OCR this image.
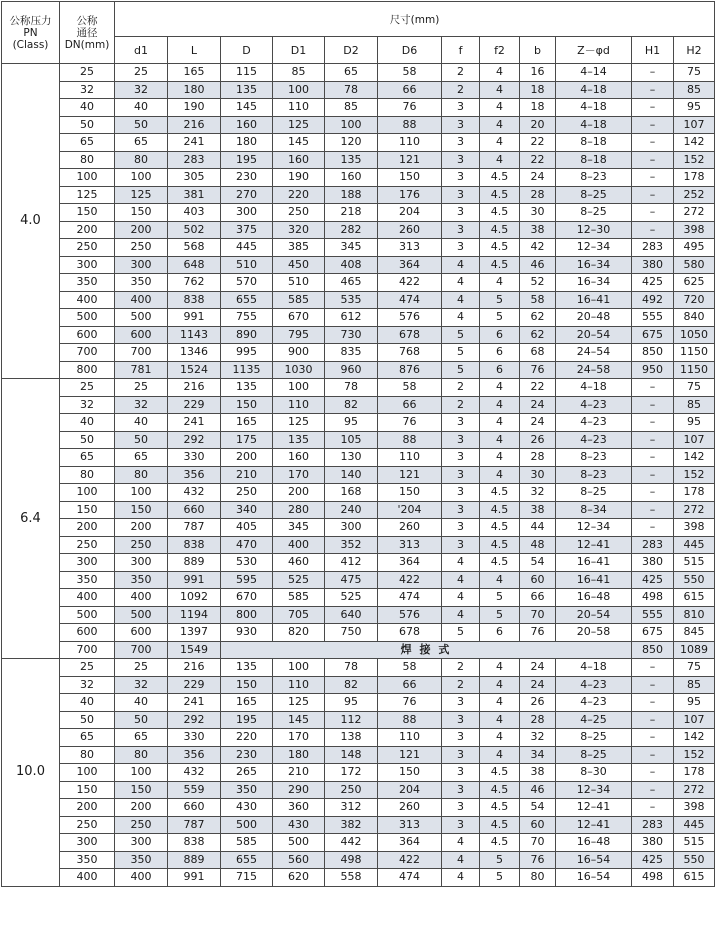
公称压力
PN
(Class)	公称
通径
DN(mm)	尺寸(mm)											
		d1	L	D	D1	D2	D6	f	f2	b	Z－φd	H1	H2
4.0	25	25	165	115	85	65	58	2	4	16	4–14	–	75
	32	32	180	135	100	78	66	2	4	18	4–18	–	85
	40	40	190	145	110	85	76	3	4	18	4–18	–	95
	50	50	216	160	125	100	88	3	4	20	4–18	–	107
	65	65	241	180	145	120	110	3	4	22	8–18	–	142
	80	80	283	195	160	135	121	3	4	22	8–18	–	152
	100	100	305	230	190	160	150	3	4.5	24	8–23	–	178
	125	125	381	270	220	188	176	3	4.5	28	8–25	–	252
	150	150	403	300	250	218	204	3	4.5	30	8–25	–	272
	200	200	502	375	320	282	260	3	4.5	38	12–30	–	398
	250	250	568	445	385	345	313	3	4.5	42	12–34	283	495
	300	300	648	510	450	408	364	4	4.5	46	16–34	380	580
	350	350	762	570	510	465	422	4	4	52	16–34	425	625
	400	400	838	655	585	535	474	4	5	58	16–41	492	720
	500	500	991	755	670	612	576	4	5	62	20–48	555	840
	600	600	1143	890	795	730	678	5	6	62	20–54	675	1050
	700	700	1346	995	900	835	768	5	6	68	24–54	850	1150
	800	781	1524	1135	1030	960	876	5	6	76	24–58	950	1150
6.4	25	25	216	135	100	78	58	2	4	22	4–18	–	75
	32	32	229	150	110	82	66	2	4	24	4–23	–	85
	40	40	241	165	125	95	76	3	4	24	4–23	–	95
	50	50	292	175	135	105	88	3	4	26	4–23	–	107
	65	65	330	200	160	130	110	3	4	28	8–23	–	142
	80	80	356	210	170	140	121	3	4	30	8–23	–	152
	100	100	432	250	200	168	150	3	4.5	32	8–25	–	178
	150	150	660	340	280	240	'204	3	4.5	38	8–34	–	272
	200	200	787	405	345	300	260	3	4.5	44	12–34	–	398
	250	250	838	470	400	352	313	3	4.5	48	12–41	283	445
	300	300	889	530	460	412	364	4	4.5	54	16–41	380	515
	350	350	991	595	525	475	422	4	4	60	16–41	425	550
	400	400	1092	670	585	525	474	4	5	66	16–48	498	615
	500	500	1194	800	705	640	576	4	5	70	20–54	555	810
	600	600	1397	930	820	750	678	5	6	76	20–58	675	845
	700	700	1549	焊 接 式								850	1089
10.0	25	25	216	135	100	78	58	2	4	24	4–18	–	75
	32	32	229	150	110	82	66	2	4	24	4–23	–	85
	40	40	241	165	125	95	76	3	4	26	4–23	–	95
	50	50	292	195	145	112	88	3	4	28	4–25	–	107
	65	65	330	220	170	138	110	3	4	32	8–25	–	142
	80	80	356	230	180	148	121	3	4	34	8–25	–	152
	100	100	432	265	210	172	150	3	4.5	38	8–30	–	178
	150	150	559	350	290	250	204	3	4.5	46	12–34	–	272
	200	200	660	430	360	312	260	3	4.5	54	12–41	–	398
	250	250	787	500	430	382	313	3	4.5	60	12–41	283	445
	300	300	838	585	500	442	364	4	4.5	70	16–48	380	515
	350	350	889	655	560	498	422	4	5	76	16–54	425	550
	400	400	991	715	620	558	474	4	5	80	16–54	498	615
